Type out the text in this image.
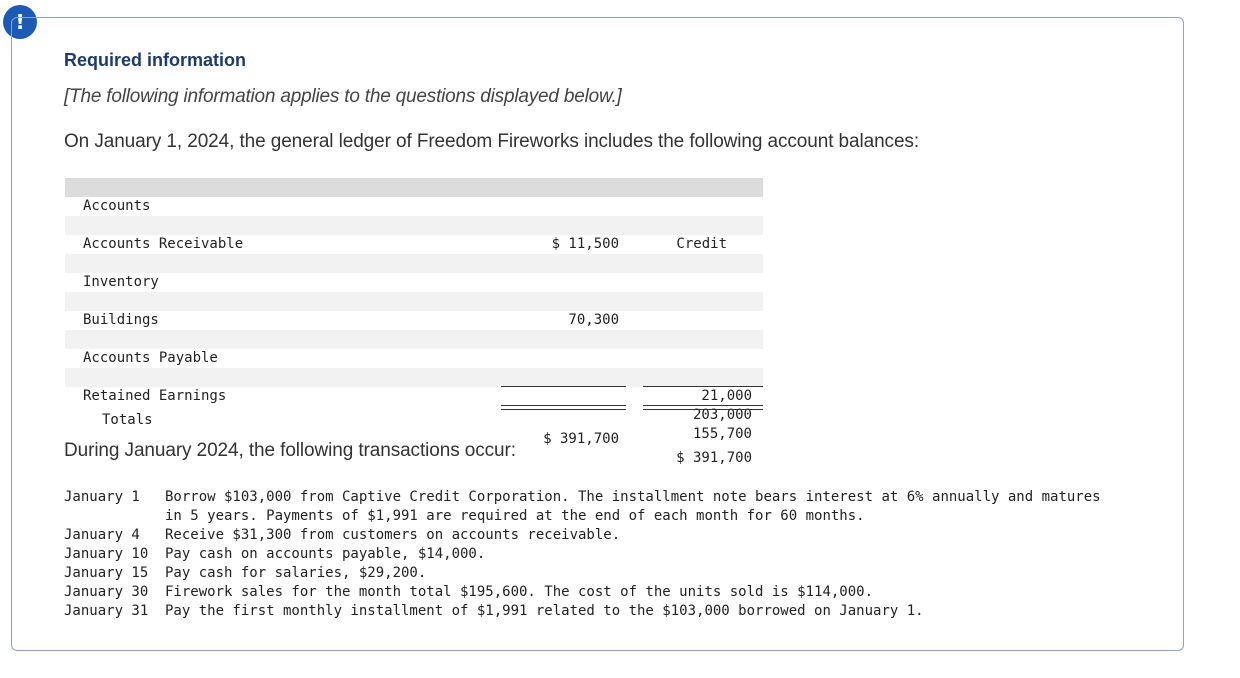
!
Required information
[The following information applies to the questions displayed below.]
On January 1, 2024, the general ledger of Freedom Fireworks includes the following account balances:

Accounts

Credit

$ 11,500

Accounts Receivable

Inventory

70,300

Buildings

Accounts Payable

21,000

203,000

Retained Earnings

155,700

Totals

$ 391,700

$ 391,700

During January 2024, the following transactions occur:
January 1 Borrow $103,000 from Captive Credit Corporation. The installment note bears interest at 6% annually and matures in 5 years. Payments of $1,991 are required at the end of each month for 60 months.
January 4 Receive $31,300 from customers on accounts receivable.
January 10 Pay cash on accounts payable, $14,000.
January 15 Pay cash for salaries, $29,200.
January 30 Firework sales for the month total $195,600. The cost of the units sold is $114,000.
January 31 Pay the first monthly installment of $1,991 related to the $103,000 borrowed on January 1.
